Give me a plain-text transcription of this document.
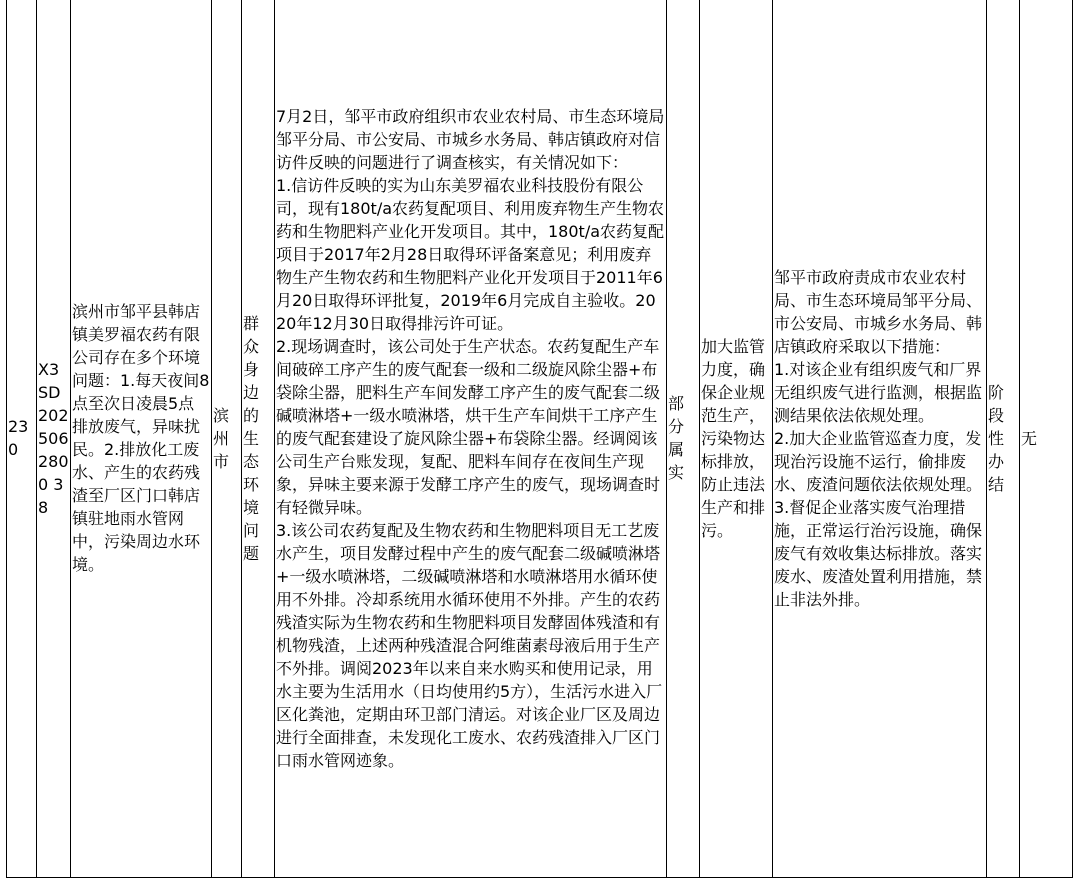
230	X3SD2025062800 38	滨州市邹平县韩店镇美罗福农药有限公司存在多个环境问题：1.每天夜间8点至次日凌晨5点排放废气，异味扰民。2.排放化工废水、产生的农药残渣至厂区门口韩店镇驻地雨水管网中，污染周边水环境。	滨州市	群众身边的生态环境问题	7月2日，邹平市政府组织市农业农村局、市生态环境局邹平分局、市公安局、市城乡水务局、韩店镇政府对信访件反映的问题进行了调查核实，有关情况如下：
1.信访件反映的实为山东美罗福农业科技股份有限公司，现有180t/a农药复配项目、利用废弃物生产生物农药和生物肥料产业化开发项目。其中，180t/a农药复配项目于2017年2月28日取得环评备案意见；利用废弃物生产生物农药和生物肥料产业化开发项目于2011年6月20日取得环评批复，2019年6月完成自主验收。2020年12月30日取得排污许可证。
2.现场调查时，该公司处于生产状态。农药复配生产车间破碎工序产生的废气配套一级和二级旋风除尘器+布袋除尘器，肥料生产车间发酵工序产生的废气配套二级碱喷淋塔+一级水喷淋塔，烘干生产车间烘干工序产生的废气配套建设了旋风除尘器+布袋除尘器。经调阅该公司生产台账发现，复配、肥料车间存在夜间生产现象，异味主要来源于发酵工序产生的废气，现场调查时有轻微异味。
3.该公司农药复配及生物农药和生物肥料项目无工艺废水产生，项目发酵过程中产生的废气配套二级碱喷淋塔+一级水喷淋塔，二级碱喷淋塔和水喷淋塔用水循环使用不外排。冷却系统用水循环使用不外排。产生的农药残渣实际为生物农药和生物肥料项目发酵固体残渣和有机物残渣，上述两种残渣混合阿维菌素母液后用于生产不外排。调阅2023年以来自来水购买和使用记录，用水主要为生活用水（日均使用约5方），生活污水进入厂区化粪池，定期由环卫部门清运。对该企业厂区及周边进行全面排查，未发现化工废水、农药残渣排入厂区门口雨水管网迹象。	部分属实	加大监管力度，确保企业规范生产，污染物达标排放，防止违法生产和排污。	邹平市政府责成市农业农村局、市生态环境局邹平分局、市公安局、市城乡水务局、韩店镇政府采取以下措施：
1.对该企业有组织废气和厂界无组织废气进行监测，根据监测结果依法依规处理。
2.加大企业监管巡查力度，发现治污设施不运行，偷排废水、废渣问题依法依规处理。
3.督促企业落实废气治理措施，正常运行治污设施，确保废气有效收集达标排放。落实废水、废渣处置利用措施，禁止非法外排。	阶段性办结	无
